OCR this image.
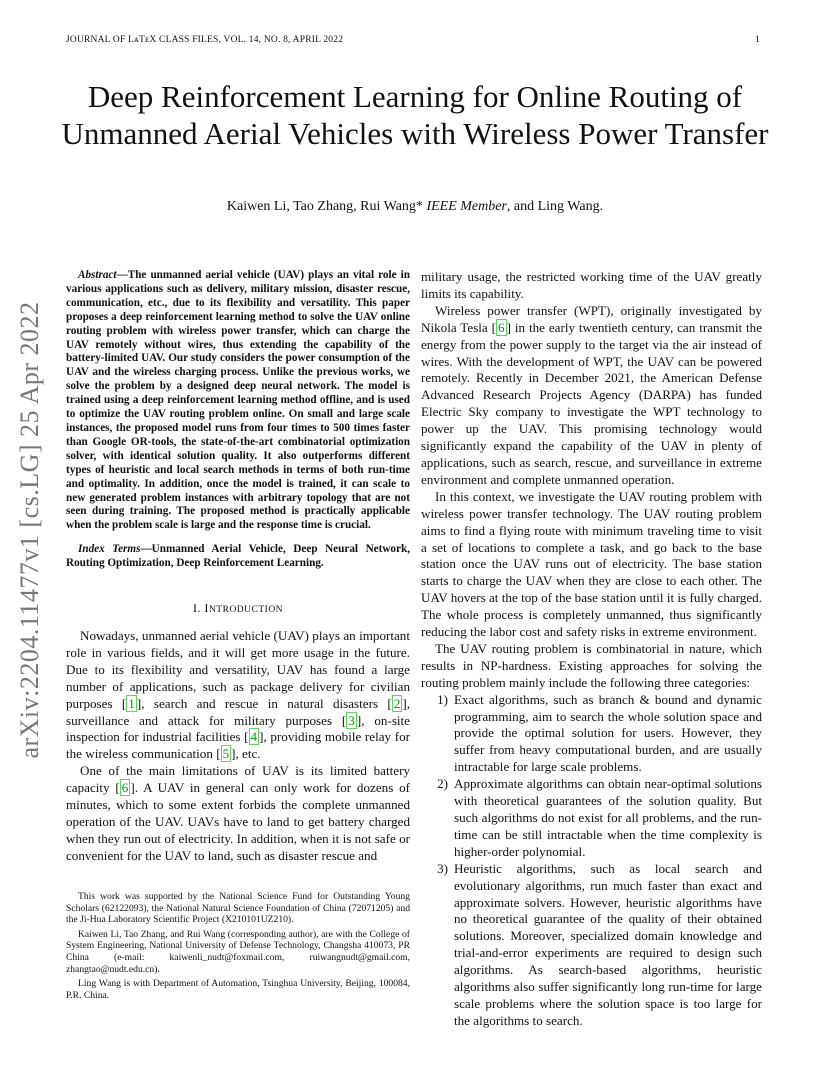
JOURNAL OF LᴀTᴇX CLASS FILES, VOL. 14, NO. 8, APRIL 2022	1
Deep Reinforcement Learning for Online Routing of Unmanned Aerial Vehicles with Wireless Power Transfer
Kaiwen Li, Tao Zhang, Rui Wang* IEEE Member, and Ling Wang.
arXiv:2204.11477v1 [cs.LG] 25 Apr 2022

Abstract—The unmanned aerial vehicle (UAV) plays an vital role in various applications such as delivery, military mission, disaster rescue, communication, etc., due to its flexibility and versatility. This paper proposes a deep reinforcement learning method to solve the UAV online routing problem with wireless power transfer, which can charge the UAV remotely without wires, thus extending the capability of the battery-limited UAV. Our study considers the power consumption of the UAV and the wireless charging process. Unlike the previous works, we solve the problem by a designed deep neural network. The model is trained using a deep reinforcement learning method offline, and is used to optimize the UAV routing problem online. On small and large scale instances, the proposed model runs from four times to 500 times faster than Google OR-tools, the state-of-the-art combinatorial optimization solver, with identical solution quality. It also outperforms different types of heuristic and local search methods in terms of both run-time and optimality. In addition, once the model is trained, it can scale to new generated problem instances with arbitrary topology that are not seen during training. The proposed method is practically applicable when the problem scale is large and the response time is crucial.

Index Terms—Unmanned Aerial Vehicle, Deep Neural Network, Routing Optimization, Deep Reinforcement Learning.

I. INTRODUCTION

Nowadays, unmanned aerial vehicle (UAV) plays an important role in various fields, and it will get more usage in the future. Due to its flexibility and versatility, UAV has found a large number of applications, such as package delivery for civilian purposes [ 1 ], search and rescue in natural disasters [ 2 ], surveillance and attack for military purposes [ 3 ], on-site inspection for industrial facilities [ 4 ], providing mobile relay for the wireless communication [ 5 ], etc.

One of the main limitations of UAV is its limited battery capacity [ 6 ]. A UAV in general can only work for dozens of minutes, which to some extent forbids the complete unmanned operation of the UAV. UAVs have to land to get battery charged when they run out of electricity. In addition, when it is not safe or convenient for the UAV to land, such as disaster rescue and

This work was supported by the National Science Fund for Outstanding Young Scholars (62122093), the National Natural Science Foundation of China (72071205) and the Ji-Hua Laboratory Scientific Project (X210101UZ210).

Kaiwen Li, Tao Zhang, and Rui Wang (corresponding author), are with the College of System Engineering, National University of Defense Technology, Changsha 410073, PR China (e-mail: kaiwenli_nudt@foxmail.com, ruiwangnudt@gmail.com, zhangtao@nudt.edu.cn).

Ling Wang is with Department of Automation, Tsinghua University, Beijing, 100084, P.R. China.

military usage, the restricted working time of the UAV greatly limits its capability.

Wireless power transfer (WPT), originally investigated by Nikola Tesla [ 6 ] in the early twentieth century, can transmit the energy from the power supply to the target via the air instead of wires. With the development of WPT, the UAV can be powered remotely. Recently in December 2021, the American Defense Advanced Research Projects Agency (DARPA) has funded Electric Sky company to investigate the WPT technology to power up the UAV. This promising technology would significantly expand the capability of the UAV in plenty of applications, such as search, rescue, and surveillance in extreme environment and complete unmanned operation.

In this context, we investigate the UAV routing problem with wireless power transfer technology. The UAV routing problem aims to find a flying route with minimum traveling time to visit a set of locations to complete a task, and go back to the base station once the UAV runs out of electricity. The base station starts to charge the UAV when they are close to each other. The UAV hovers at the top of the base station until it is fully charged. The whole process is completely unmanned, thus significantly reducing the labor cost and safety risks in extreme environment.

The UAV routing problem is combinatorial in nature, which results in NP-hardness. Existing approaches for solving the routing problem mainly include the following three categories:

1) Exact algorithms, such as branch & bound and dynamic programming, aim to search the whole solution space and provide the optimal solution for users. However, they suffer from heavy computational burden, and are usually intractable for large scale problems.
2) Approximate algorithms can obtain near-optimal solutions with theoretical guarantees of the solution quality. But such algorithms do not exist for all problems, and the run-time can be still intractable when the time complexity is higher-order polynomial.
3) Heuristic algorithms, such as local search and evolutionary algorithms, run much faster than exact and approximate solvers. However, heuristic algorithms have no theoretical guarantee of the quality of their obtained solutions. Moreover, specialized domain knowledge and trial-and-error experiments are required to design such algorithms. As search-based algorithms, heuristic algorithms also suffer significantly long run-time for large scale problems where the solution space is too large for the algorithms to search.
